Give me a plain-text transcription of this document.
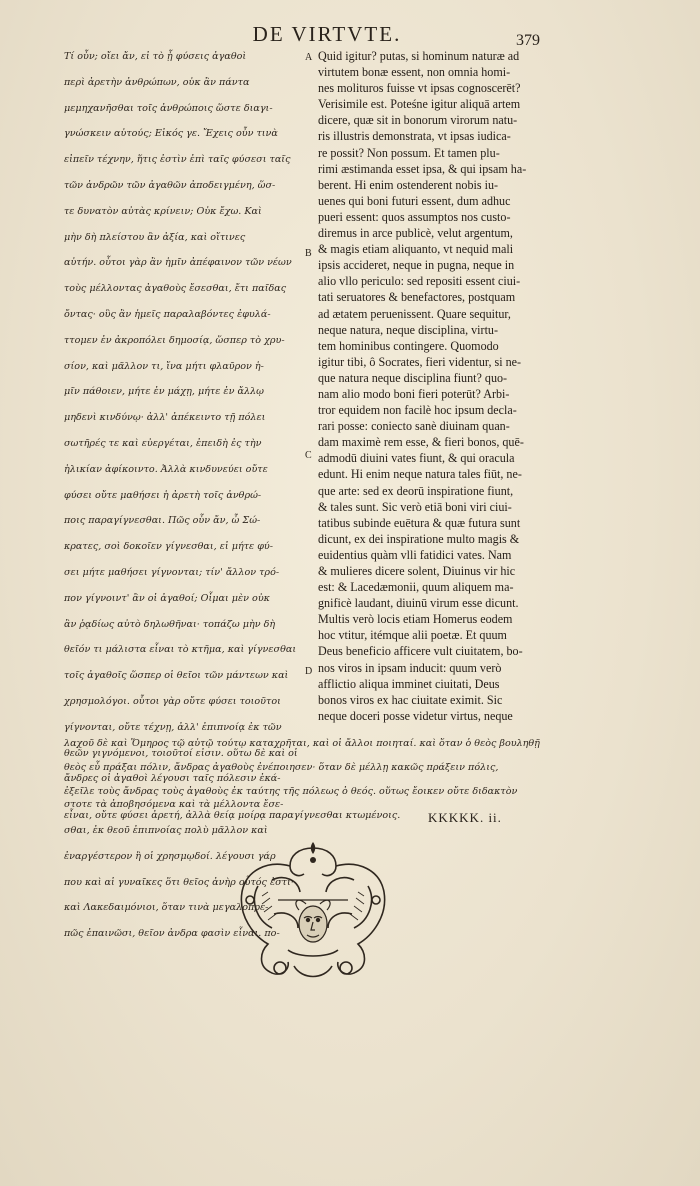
DE VIRTVTE.	379
Τί οὖν; οἴει ἄν, εἰ τὸ ᾗ φύσεις ἀγαθοὶ
περὶ ἀρετὴν ἀνθρώπων, οὐκ ἂν πάντα
μεμηχανῆσθαι τοῖς ἀνθρώποις ὥστε διαγι-
γνώσκειν αὐτούς; Εἰκός γε. Ἔχεις οὖν τινὰ
εἰπεῖν τέχνην, ἥτις ἐστὶν ἐπὶ ταῖς φύσεσι ταῖς
τῶν ἀνδρῶν τῶν ἀγαθῶν ἀποδειγμένη, ὥσ-
τε δυνατὸν αὐτὰς κρίνειν; Οὐκ ἔχω. Καὶ
μὴν δὴ πλείστου ἂν ἀξία, καὶ οἵτινες
αὐτήν. οὗτοι γὰρ ἂν ἡμῖν ἀπέφαινον τῶν νέων
τοὺς μέλλοντας ἀγαθοὺς ἔσεσθαι, ἔτι παῖδας
ὄντας· οὓς ἂν ἡμεῖς παραλαβόντες ἐφυλά-
ττομεν ἐν ἀκροπόλει δημοσίᾳ, ὥσπερ τὸ χρυ-
σίον, καὶ μᾶλλον τι, ἵνα μήτι φλαῦρον ἡ-
μῖν πάθοιεν, μήτε ἐν μάχῃ, μήτε ἐν ἄλλῳ
μηδενὶ κινδύνῳ· ἀλλ' ἀπέκειντο τῇ πόλει
σωτῆρές τε καὶ εὐεργέται, ἐπειδὴ ἐς τὴν
ἡλικίαν ἀφίκοιντο. Ἀλλὰ κινδυνεύει οὔτε
φύσει οὔτε μαθήσει ἡ ἀρετὴ τοῖς ἀνθρώ-
ποις παραγίγνεσθαι. Πῶς οὖν ἄν, ὦ Σώ-
κρατες, σοὶ δοκοῖεν γίγνεσθαι, εἰ μήτε φύ-
σει μήτε μαθήσει γίγνονται; τίν' ἄλλον τρό-
πον γίγνοιντ' ἂν οἱ ἀγαθοί; Οἶμαι μὲν οὐκ
ἂν ῥᾳδίως αὐτὸ δηλωθῆναι· τοπάζω μὴν δὴ
θεῖόν τι μάλιστα εἶναι τὸ κτῆμα, καὶ γίγνεσθαι
τοῖς ἀγαθοῖς ὥσπερ οἱ θεῖοι τῶν μάντεων καὶ
χρησμολόγοι. οὗτοι γὰρ οὔτε φύσει τοιοῦτοι
γίγνονται, οὔτε τέχνῃ, ἀλλ' ἐπιπνοίᾳ ἐκ τῶν
θεῶν γιγνόμενοι, τοιοῦτοί εἰσιν. οὕτω δὲ καὶ οἱ
ἄνδρες οἱ ἀγαθοὶ λέγουσι ταῖς πόλεσιν ἑκά-
στοτε τὰ ἀποβησόμενα καὶ τὰ μέλλοντα ἔσε-
σθαι, ἐκ θεοῦ ἐπιπνοίας πολὺ μᾶλλον καὶ
ἐναργέστερον ἢ οἱ χρησμῳδοί. λέγουσι γάρ
που καὶ αἱ γυναῖκες ὅτι θεῖος ἀνὴρ οὗτός ἐστι·
καὶ Λακεδαιμόνιοι, ὅταν τινὰ μεγαλοπρε-
πῶς ἐπαινῶσι, θεῖον ἀνδρα φασὶν εἶναι. πο-
A
B
C
D
Quid igitur? putas, si hominum naturæ ad
virtutem bonæ essent, non omnia homi-
nes molituros fuisse vt ipsas cognoscerēt?
Verisimile est. Poteśne igitur aliquā artem
dicere, quæ sit in bonorum virorum natu-
ris illustris demonstrata, vt ipsas iudica-
re possit? Non possum. Et tamen plu-
rimi æstimanda esset ipsa, & qui ipsam ha-
berent. Hi enim ostenderent nobis iu-
uenes qui boni futuri essent, dum adhuc
pueri essent: quos assumptos nos custo-
diremus in arce publicè, velut argentum,
& magis etiam aliquanto, vt nequid mali
ipsis accideret, neque in pugna, neque in
alio vllo periculo: sed repositi essent ciui-
tati seruatores & benefactores, postquam
ad ætatem peruenissent. Quare sequitur,
neque natura, neque disciplina, virtu-
tem hominibus contingere. Quomodo
igitur tibi, ô Socrates, fieri videntur, si ne-
que natura neque disciplina fiunt? quo-
nam alio modo boni fieri poterūt? Arbi-
tror equidem non facilè hoc ipsum decla-
rari posse: coniecto sanè diuinam quan-
dam maximè rem esse, & fieri bonos, quē-
admodū diuini vates fiunt, & qui oracula
edunt. Hi enim neque natura tales fiūt, ne-
que arte: sed ex deorū inspiratione fiunt,
& tales sunt. Sic verò etiā boni viri ciui-
tatibus subinde euētura & quæ futura sunt
dicunt, ex dei inspiratione multo magis &
euidentius quàm vlli fatidici vates. Nam
& mulieres dicere solent, Diuinus vir hic
est: & Lacedæmonii, quum aliquem ma-
gnificè laudant, diuinū virum esse dicunt.
Multis verò locis etiam Homerus eodem
hoc vtitur, itémque alii poetæ. Et quum
Deus beneficio afficere vult ciuitatem, bo-
nos viros in ipsam inducit: quum verò
afflictio aliqua imminet ciuitati, Deus
bonos viros ex hac ciuitate eximit. Sic
neque doceri posse videtur virtus, neque
λαχοῦ δὲ καὶ Ὅμηρος τῷ αὐτῷ τούτῳ καταχρῆται, καὶ οἱ ἄλλοι ποιηταί. καὶ ὅταν ὁ θεὸς βουληθῇ
θεὸς εὖ πράξαι πόλιν, ἄνδρας ἀγαθοὺς ἐνέποιησεν· ὅταν δὲ μέλλῃ κακῶς πράξειν πόλις,
ἐξεῖλε τοὺς ἄνδρας τοὺς ἀγαθοὺς ἐκ ταύτης τῆς πόλεως ὁ θεός. οὕτως ἔοικεν οὔτε διδακτὸν
εἶναι, οὔτε φύσει ἀρετή, ἀλλὰ θείᾳ μοίρᾳ παραγίγνεσθαι κτωμένοις.	KKKKK. ii.
